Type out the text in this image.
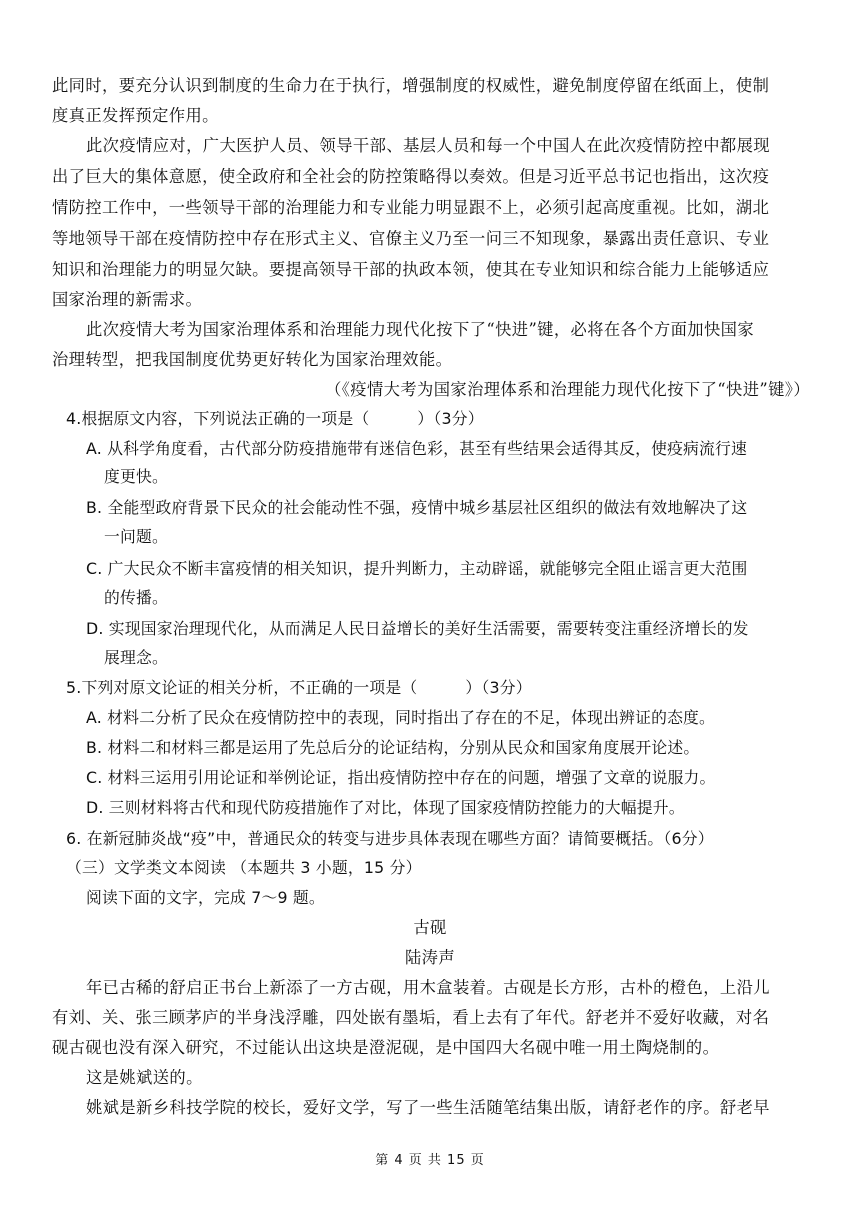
此同时，要充分认识到制度的生命力在于执行，增强制度的权威性，避免制度停留在纸面上，使制
度真正发挥预定作用。
此次疫情应对，广大医护人员、领导干部、基层人员和每一个中国人在此次疫情防控中都展现
出了巨大的集体意愿，使全政府和全社会的防控策略得以奏效。但是习近平总书记也指出，这次疫
情防控工作中，一些领导干部的治理能力和专业能力明显跟不上，必须引起高度重视。比如，湖北
等地领导干部在疫情防控中存在形式主义、官僚主义乃至一问三不知现象，暴露出责任意识、专业
知识和治理能力的明显欠缺。要提高领导干部的执政本领，使其在专业知识和综合能力上能够适应
国家治理的新需求。
此次疫情大考为国家治理体系和治理能力现代化按下了“快进”键，必将在各个方面加快国家
治理转型，把我国制度优势更好转化为国家治理效能。
（《疫情大考为国家治理体系和治理能力现代化按下了“快进”键》）
4.根据原文内容，下列说法正确的一项是（　　　）（3分）
A. 从科学角度看，古代部分防疫措施带有迷信色彩，甚至有些结果会适得其反，使疫病流行速
度更快。
B. 全能型政府背景下民众的社会能动性不强，疫情中城乡基层社区组织的做法有效地解决了这
一问题。
C. 广大民众不断丰富疫情的相关知识，提升判断力，主动辟谣，就能够完全阻止谣言更大范围
的传播。
D. 实现国家治理现代化，从而满足人民日益增长的美好生活需要，需要转变注重经济增长的发
展理念。
5.下列对原文论证的相关分析，不正确的一项是（　　　）（3分）
A. 材料二分析了民众在疫情防控中的表现，同时指出了存在的不足，体现出辨证的态度。
B. 材料二和材料三都是运用了先总后分的论证结构，分别从民众和国家角度展开论述。
C. 材料三运用引用论证和举例论证，指出疫情防控中存在的问题，增强了文章的说服力。
D. 三则材料将古代和现代防疫措施作了对比，体现了国家疫情防控能力的大幅提升。
6. 在新冠肺炎战“疫”中，普通民众的转变与进步具体表现在哪些方面？请简要概括。（6分）
（三）文学类文本阅读 （本题共 3 小题，15 分）
阅读下面的文字，完成 7～9 题。
古砚
陆涛声
年已古稀的舒启正书台上新添了一方古砚，用木盒装着。古砚是长方形，古朴的橙色，上沿儿
有刘、关、张三顾茅庐的半身浅浮雕，四处嵌有墨垢，看上去有了年代。舒老并不爱好收藏，对名
砚古砚也没有深入研究，不过能认出这块是澄泥砚，是中国四大名砚中唯一用土陶烧制的。
这是姚斌送的。
姚斌是新乡科技学院的校长，爱好文学，写了一些生活随笔结集出版，请舒老作的序。舒老早
第 4 页 共 15 页
